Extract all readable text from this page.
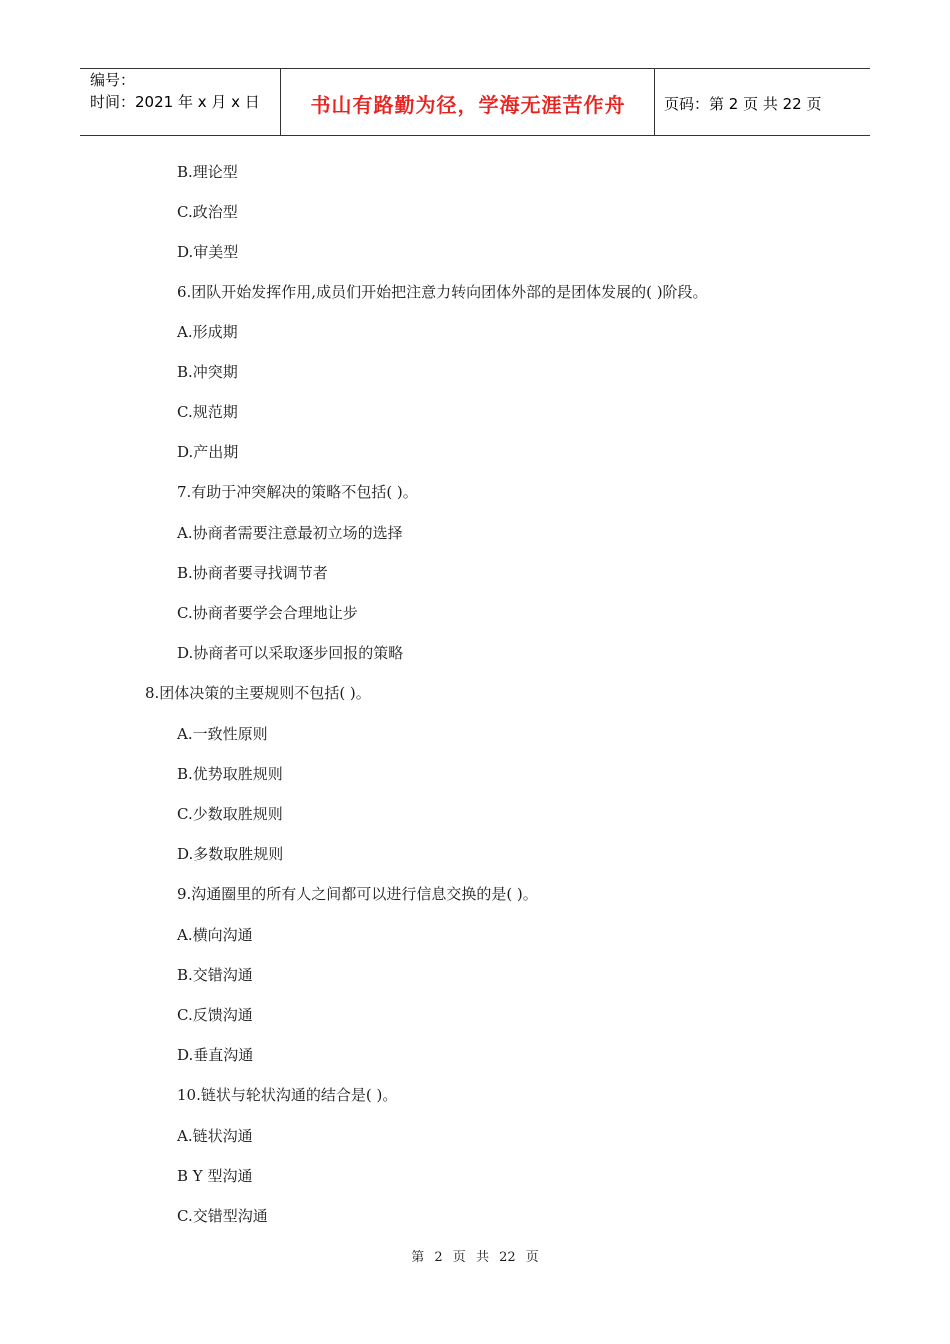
编号：
时间：2021 年 x 月 x 日	书山有路勤为径，学海无涯苦作舟	页码：第 2 页 共 22 页
B.理论型
C.政治型
D.审美型
6.团队开始发挥作用,成员们开始把注意力转向团体外部的是团体发展的( )阶段。
A.形成期
B.冲突期
C.规范期
D.产出期
7.有助于冲突解决的策略不包括( )。
A.协商者需要注意最初立场的选择
B.协商者要寻找调节者
C.协商者要学会合理地让步
D.协商者可以采取逐步回报的策略
8.团体决策的主要规则不包括( )。
A.一致性原则
B.优势取胜规则
C.少数取胜规则
D.多数取胜规则
9.沟通圈里的所有人之间都可以进行信息交换的是( )。
A.横向沟通
B.交错沟通
C.反馈沟通
D.垂直沟通
10.链状与轮状沟通的结合是( )。
A.链状沟通
B Y 型沟通
C.交错型沟通
第 2 页 共 22 页
